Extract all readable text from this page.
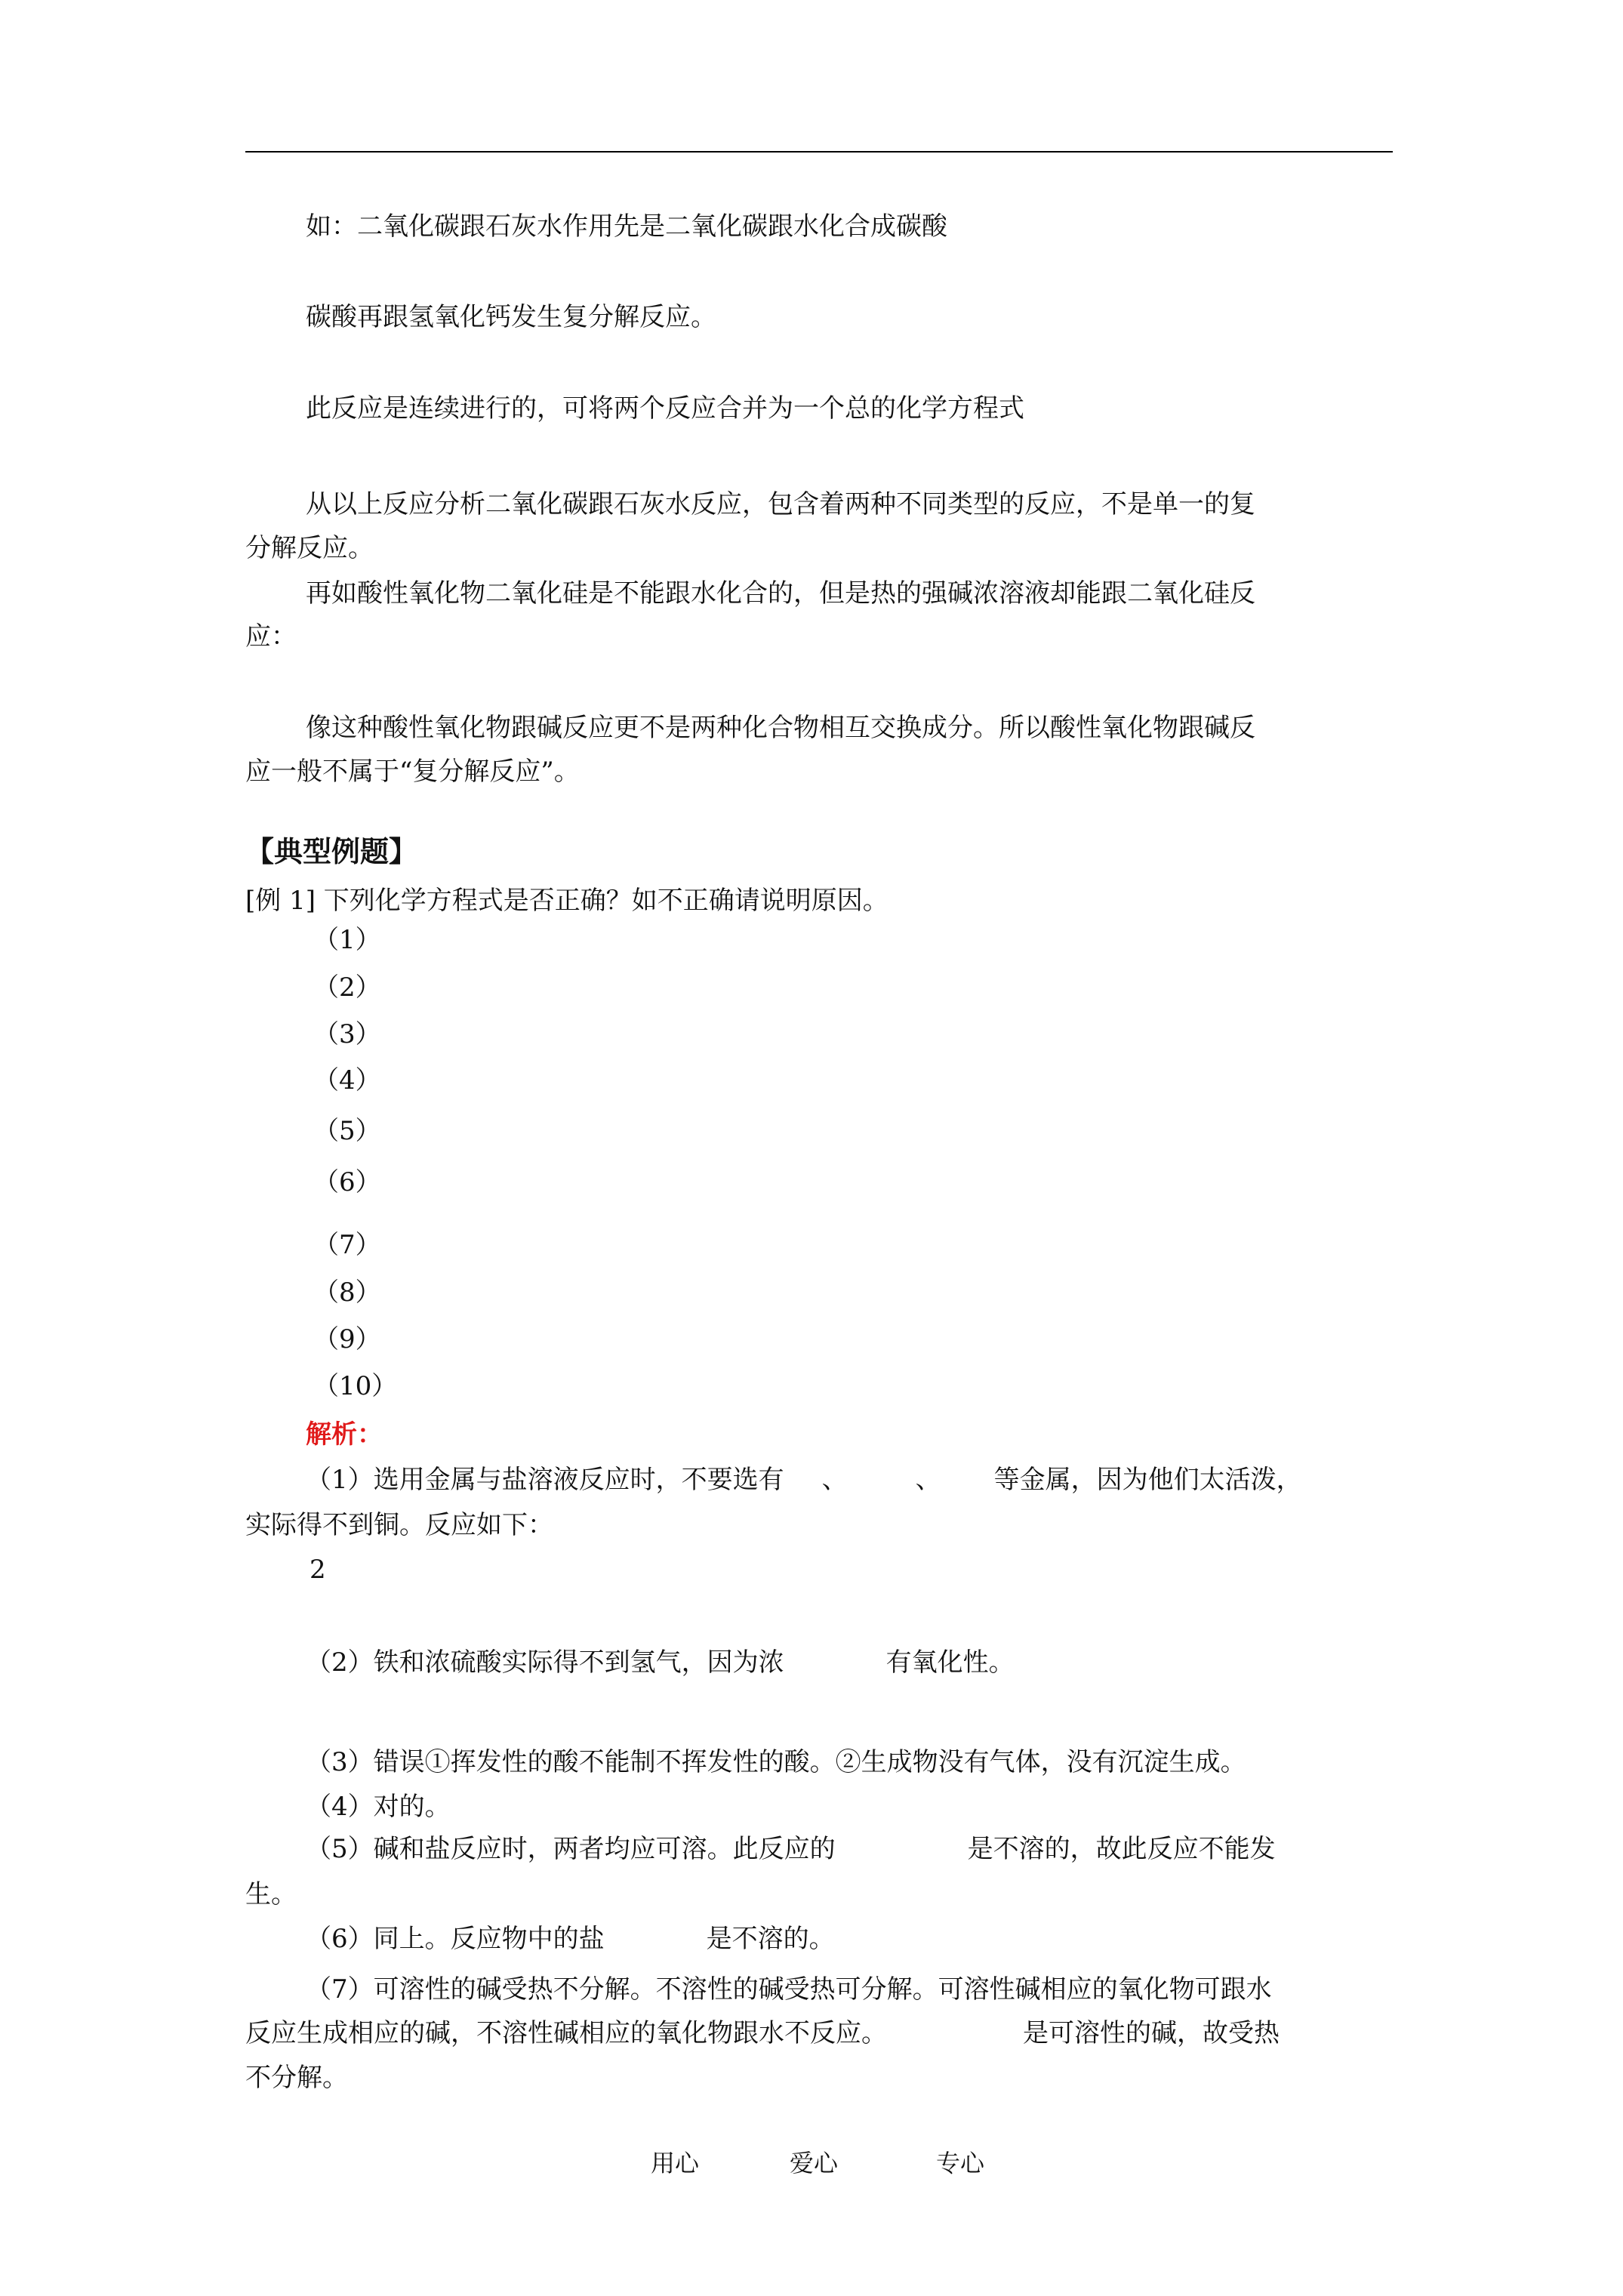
如：二氧化碳跟石灰水作用先是二氧化碳跟水化合成碳酸
碳酸再跟氢氧化钙发生复分解反应。
此反应是连续进行的，可将两个反应合并为一个总的化学方程式
从以上反应分析二氧化碳跟石灰水反应，包含着两种不同类型的反应，不是单一的复
分解反应。
再如酸性氧化物二氧化硅是不能跟水化合的，但是热的强碱浓溶液却能跟二氧化硅反
应：
像这种酸性氧化物跟碱反应更不是两种化合物相互交换成分。所以酸性氧化物跟碱反
应一般不属于“复分解反应”。
【典型例题】
[例 1] 下列化学方程式是否正确？如不正确请说明原因。
（1）
（2）
（3）
（4）
（5）
（6）
（7）
（8）
（9）
（10）
解析：
（1）选用金属与盐溶液反应时，不要选有 、	、 等金属，因为他们太活泼，
实际得不到铜。反应如下：
2
（2）铁和浓硫酸实际得不到氢气，因为浓	有氧化性。
（3）错误①挥发性的酸不能制不挥发性的酸。②生成物没有气体，没有沉淀生成。
（4）对的。
（5）碱和盐反应时，两者均应可溶。此反应的	是不溶的，故此反应不能发
生。
（6）同上。反应物中的盐	是不溶的。
（7）可溶性的碱受热不分解。不溶性的碱受热可分解。可溶性碱相应的氧化物可跟水
反应生成相应的碱，不溶性碱相应的氧化物跟水不反应。	是可溶性的碱，故受热
不分解。
用心	爱心	专心
